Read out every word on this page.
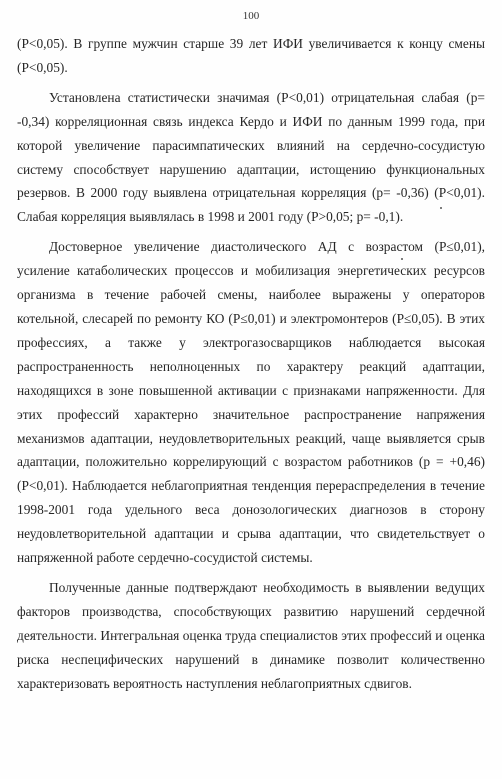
100

(P<0,05). В группе мужчин старше 39 лет ИФИ увеличивается к концу смены (P<0,05).

Установлена статистически значимая (P<0,01) отрицательная слабая (p= -0,34) корреляционная связь индекса Кердо и ИФИ по данным 1999 года, при которой увеличение парасимпатических влияний на сердечно-сосудистую систему способствует нарушению адаптации, истощению функциональных резервов. В 2000 году выявлена отрицательная корреляция (p= -0,36) (P<0,01). Слабая корреляция выявлялась в 1998 и 2001 году (P>0,05; p= -0,1).

Достоверное увеличение диастолического АД с возрастом (P≤0,01), усиление катаболических процессов и мобилизация энергетических ресурсов организма в течение рабочей смены, наиболее выражены у операторов котельной, слесарей по ремонту КО (P≤0,01) и электромонтеров (P≤0,05). В этих профессиях, а также у электрогазосварщиков наблюдается высокая распространенность неполноценных по характеру реакций адаптации, находящихся в зоне повышенной активации с признаками напряженности. Для этих профессий характерно значительное распространение напряжения механизмов адаптации, неудовлетворительных реакций, чаще выявляется срыв адаптации, положительно коррелирующий с возрастом работников (p = +0,46) (P<0,01). Наблюдается неблагоприятная тенденция перераспределения в течение 1998-2001 года удельного веса донозологических диагнозов в сторону неудовлетворительной адаптации и срыва адаптации, что свидетельствует о напряженной работе сердечно-сосудистой системы.

Полученные данные подтверждают необходимость в выявлении ведущих факторов производства, способствующих развитию нарушений сердечной деятельности. Интегральная оценка труда специалистов этих профессий и оценка риска неспецифических нарушений в динамике позволит количественно характеризовать вероятность наступления неблагоприятных сдвигов.
